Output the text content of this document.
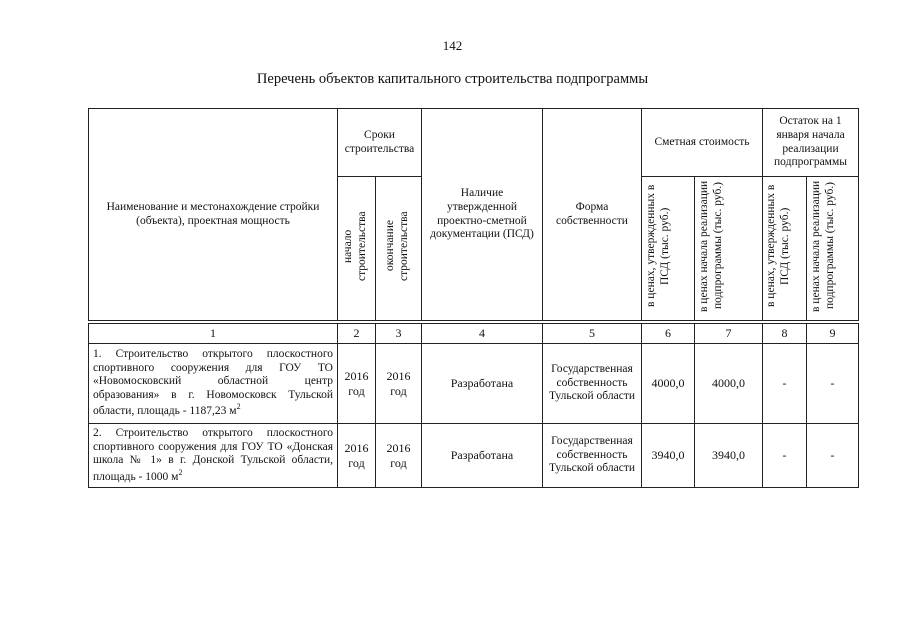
142
Перечень объектов капитального строительства подпрограммы
Наименование и местонахождение стройки (объекта), проектная мощность	Сроки строительства		Наличие утвержденной проектно-сметной документации (ПСД)	Форма собственности	Сметная стоимость		Остаток на 1 января начала реализации подпрограммы	
	начало строительства	окончание строительства			в ценах, утвержденных в ПСД (тыс. руб.)	в ценах начала реализации подпрограммы (тыс. руб.)	в ценах, утвержденных в ПСД (тыс. руб.)	в ценах начала реализации подпрограммы (тыс. руб.)

1	2	3	4	5	6	7	8	9
1. Строительство открытого плоскостного спортивного сооружения для ГОУ ТО «Новомосковский областной центр образования» в г. Новомосковск Тульской области, площадь - 1187,23 $м^2$	2016 год	2016 год	Разработана	Государственная собственность Тульской области	4000,0	4000,0	-	-
2. Строительство открытого плоскостного спортивного сооружения для ГОУ ТО «Донская школа № 1» в г. Донской Тульской области, площадь - 1000 $м^2$	2016 год	2016 год	Разработана	Государственная собственность Тульской области	3940,0	3940,0	-	-
